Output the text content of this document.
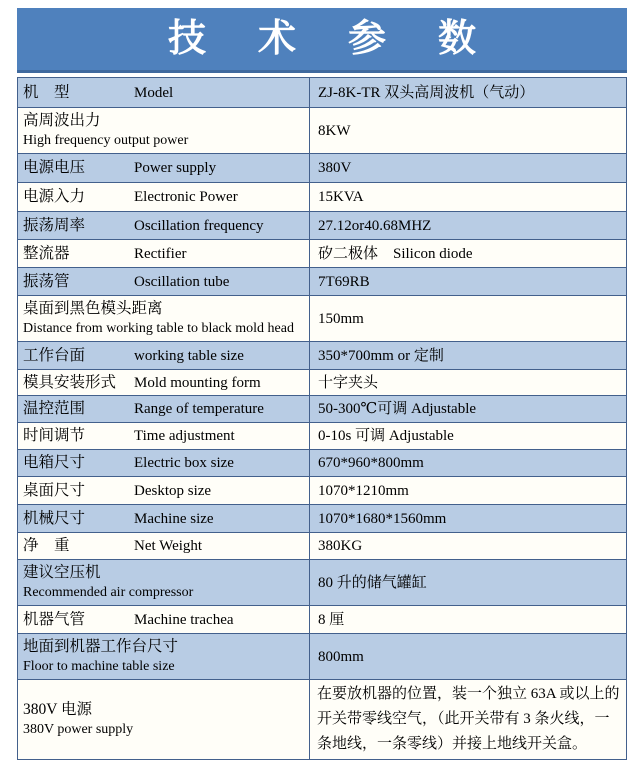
技　术　参　数
机　型 Model	ZJ-8K-TR 双头高周波机（气动）

高周波出力
High frequency output power	8KW
电源电压 Power supply	380V
电源入力 Electronic Power	15KVA
振荡周率 Oscillation frequency	27.12or40.68MHZ
整流器 Rectifier	矽二极体　Silicon diode
振荡管 Oscillation tube	7T69RB

桌面到黑色模头距离
Distance from working table to black mold head	150mm
工作台面 working table size	350*700mm or 定制
模具安装形式 Mold mounting form	十字夹头
温控范围 Range of temperature	50-300℃可调 Adjustable
时间调节 Time adjustment	0-10s 可调 Adjustable
电箱尺寸 Electric box size	670*960*800mm
桌面尺寸 Desktop size	1070*1210mm
机械尺寸 Machine size	1070*1680*1560mm
净　重 Net Weight	380KG

建议空压机
Recommended air compressor	80 升的储气罐缸
机器气管 Machine trachea	8 厘

地面到机器工作台尺寸
Floor to machine table size	800mm

380V 电源
380V power supply	在要放机器的位置，装一个独立 63A 或以上的开关带零线空气，（此开关带有 3 条火线，一条地线，一条零线）并接上地线开关盒。
